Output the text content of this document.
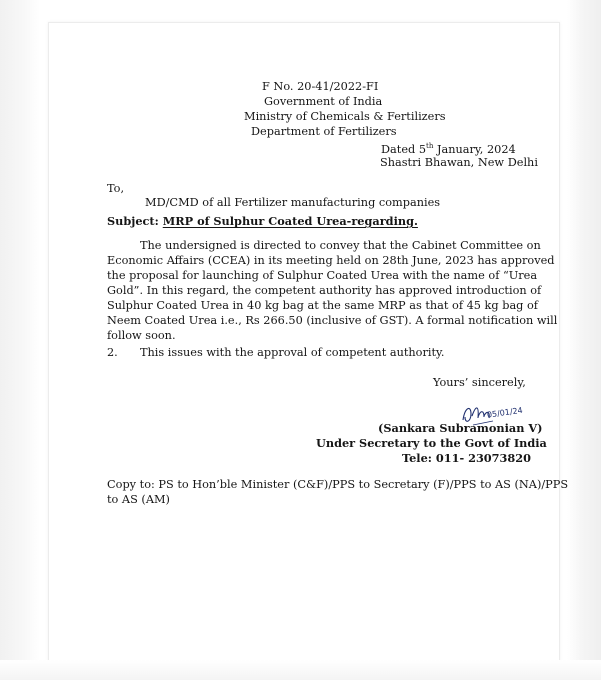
F No. 20-41/2022-FI
Government of India
Ministry of Chemicals & Fertilizers
Department of Fertilizers
Dated 5th January, 2024
Shastri Bhawan, New Delhi
To,
MD/CMD of all Fertilizer manufacturing companies
Subject: MRP of Sulphur Coated Urea-regarding.
The undersigned is directed to convey that the Cabinet Committee on
Economic Affairs (CCEA) in its meeting held on 28th June, 2023 has approved
the proposal for launching of Sulphur Coated Urea with the name of “Urea
Gold”. In this regard, the competent authority has approved introduction of
Sulphur Coated Urea in 40 kg bag at the same MRP as that of 45 kg bag of
Neem Coated Urea i.e., Rs 266.50 (inclusive of GST). A formal notification will
follow soon.
2. This issues with the approval of competent authority.
Yours’ sincerely,
05/01/24
(Sankara Subramonian V)
Under Secretary to the Govt of India
Tele: 011- 23073820
Copy to: PS to Hon’ble Minister (C&F)/PPS to Secretary (F)/PPS to AS (NA)/PPS
to AS (AM)
